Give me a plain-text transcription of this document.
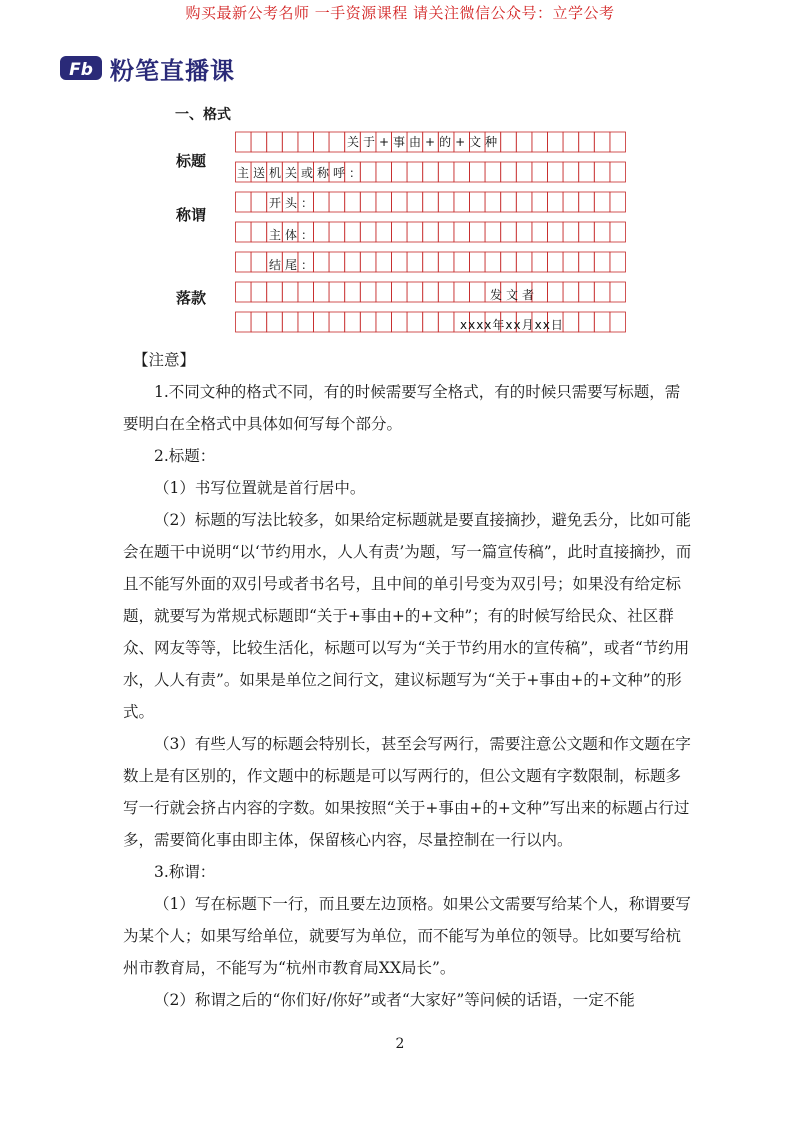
购买最新公考名师 一手资源课程 请关注微信公众号：立学公考
Fb 粉笔直播课
一、格式
标题
称谓
落款
关于+事由+的+文种
主送机关或称呼：
开头：
主体：
结尾：
发文者
xxxx年xx月xx日

【注意】

1.不同文种的格式不同，有的时候需要写全格式，有的时候只需要写标题，需要明白在全格式中具体如何写每个部分。

2.标题：

（1）书写位置就是首行居中。

（2）标题的写法比较多，如果给定标题就是要直接摘抄，避免丢分，比如可能会在题干中说明“以‘节约用水，人人有责’为题，写一篇宣传稿”，此时直接摘抄，而且不能写外面的双引号或者书名号，且中间的单引号变为双引号；如果没有给定标题，就要写为常规式标题即“关于+事由+的+文种”；有的时候写给民众、社区群众、网友等等，比较生活化，标题可以写为“关于节约用水的宣传稿”，或者“节约用水，人人有责”。如果是单位之间行文，建议标题写为“关于+事由+的+文种”的形式。

（3）有些人写的标题会特别长，甚至会写两行，需要注意公文题和作文题在字数上是有区别的，作文题中的标题是可以写两行的，但公文题有字数限制，标题多写一行就会挤占内容的字数。如果按照“关于+事由+的+文种”写出来的标题占行过多，需要简化事由即主体，保留核心内容，尽量控制在一行以内。

3.称谓：

（1）写在标题下一行，而且要左边顶格。如果公文需要写给某个人，称谓要写为某个人；如果写给单位，就要写为单位，而不能写为单位的领导。比如要写给杭州市教育局，不能写为“杭州市教育局XX局长”。

（2）称谓之后的“你们好/你好”或者“大家好”等问候的话语，一定不能

2
